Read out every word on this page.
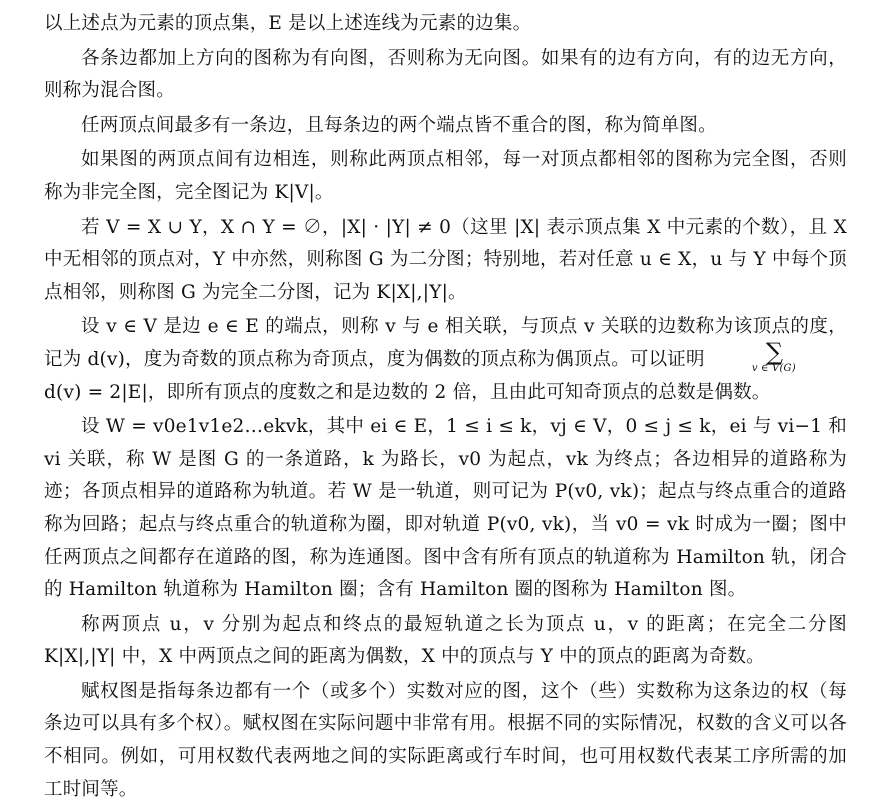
以上述点为元素的顶点集，E 是以上述连线为元素的边集。

各条边都加上方向的图称为有向图，否则称为无向图。如果有的边有方向，有的边无方向，则称为混合图。

任两顶点间最多有一条边，且每条边的两个端点皆不重合的图，称为简单图。

如果图的两顶点间有边相连，则称此两顶点相邻，每一对顶点都相邻的图称为完全图，否则称为非完全图，完全图记为 K|V|。

若 V = X ∪ Y，X ∩ Y = ∅，|X| · |Y| ≠ 0（这里 |X| 表示顶点集 X 中元素的个数），且 X 中无相邻的顶点对，Y 中亦然，则称图 G 为二分图；特别地，若对任意 u ∈ X，u 与 Y 中每个顶点相邻，则称图 G 为完全二分图，记为 K|X|,|Y|。

设 v ∈ V 是边 e ∈ E 的端点，则称 v 与 e 相关联，与顶点 v 关联的边数称为该顶点的度，记为 d(v)，度为奇数的顶点称为奇顶点，度为偶数的顶点称为偶顶点。可以证明	∑
v ∈ V(G)

d(v) = 2|E|，即所有顶点的度数之和是边数的 2 倍，且由此可知奇顶点的总数是偶数。

设 W = v0e1v1e2…ekvk，其中 ei ∈ E，1 ≤ i ≤ k，vj ∈ V，0 ≤ j ≤ k，ei 与 vi−1 和 vi 关联，称 W 是图 G 的一条道路，k 为路长，v0 为起点，vk 为终点；各边相异的道路称为迹；各顶点相异的道路称为轨道。若 W 是一轨道，则可记为 P(v0, vk)；起点与终点重合的道路称为回路；起点与终点重合的轨道称为圈，即对轨道 P(v0, vk)，当 v0 = vk 时成为一圈；图中任两顶点之间都存在道路的图，称为连通图。图中含有所有顶点的轨道称为 Hamilton 轨，闭合的 Hamilton 轨道称为 Hamilton 圈；含有 Hamilton 圈的图称为 Hamilton 图。

称两顶点 u，v 分别为起点和终点的最短轨道之长为顶点 u，v 的距离；在完全二分图 K|X|,|Y| 中，X 中两顶点之间的距离为偶数，X 中的顶点与 Y 中的顶点的距离为奇数。

赋权图是指每条边都有一个（或多个）实数对应的图，这个（些）实数称为这条边的权（每条边可以具有多个权）。赋权图在实际问题中非常有用。根据不同的实际情况，权数的含义可以各不相同。例如，可用权数代表两地之间的实际距离或行车时间，也可用权数代表某工序所需的加工时间等。
